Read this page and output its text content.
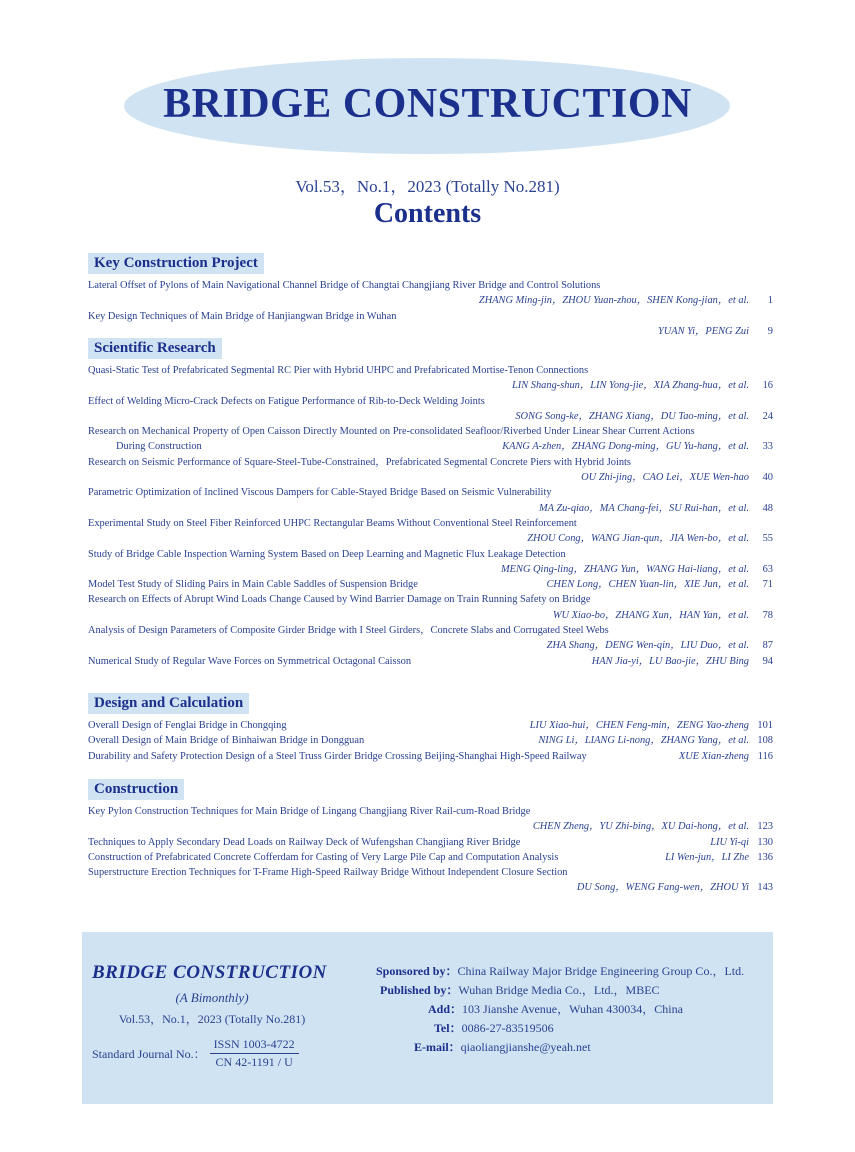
BRIDGE CONSTRUCTION
Vol.53，No.1，2023 (Totally No.281)
Contents
Key Construction Project
Lateral Offset of Pylons of Main Navigational Channel Bridge of Changtai Changjiang River Bridge and Control Solutions
ZHANG Ming-jin，ZHOU Yuan-zhou，SHEN Kong-jian，et al. 1
Key Design Techniques of Main Bridge of Hanjiangwan Bridge in Wuhan
YUAN Yi，PENG Zui 9
Scientific Research
Quasi-Static Test of Prefabricated Segmental RC Pier with Hybrid UHPC and Prefabricated Mortise-Tenon Connections
LIN Shang-shun，LIN Yong-jie，XIA Zhang-hua，et al. 16
Effect of Welding Micro-Crack Defects on Fatigue Performance of Rib-to-Deck Welding Joints
SONG Song-ke，ZHANG Xiang，DU Tao-ming，et al. 24
Research on Mechanical Property of Open Caisson Directly Mounted on Pre-consolidated Seafloor/Riverbed Under Linear Shear Current Actions
During Construction	KANG A-zhen，ZHANG Dong-ming，GU Yu-hang，et al. 33
Research on Seismic Performance of Square-Steel-Tube-Constrained，Prefabricated Segmental Concrete Piers with Hybrid Joints
OU Zhi-jing，CAO Lei，XUE Wen-hao 40
Parametric Optimization of Inclined Viscous Dampers for Cable-Stayed Bridge Based on Seismic Vulnerability
MA Zu-qiao，MA Chang-fei，SU Rui-han，et al. 48
Experimental Study on Steel Fiber Reinforced UHPC Rectangular Beams Without Conventional Steel Reinforcement
ZHOU Cong，WANG Jian-qun，JIA Wen-bo，et al. 55
Study of Bridge Cable Inspection Warning System Based on Deep Learning and Magnetic Flux Leakage Detection
MENG Qing-ling，ZHANG Yun，WANG Hai-liang，et al. 63
Model Test Study of Sliding Pairs in Main Cable Saddles of Suspension Bridge	CHEN Long，CHEN Yuan-lin，XIE Jun，et al. 71
Research on Effects of Abrupt Wind Loads Change Caused by Wind Barrier Damage on Train Running Safety on Bridge
WU Xiao-bo，ZHANG Xun，HAN Yan，et al. 78
Analysis of Design Parameters of Composite Girder Bridge with I Steel Girders，Concrete Slabs and Corrugated Steel Webs
ZHA Shang，DENG Wen-qin，LIU Duo，et al. 87
Numerical Study of Regular Wave Forces on Symmetrical Octagonal Caisson	HAN Jia-yi，LU Bao-jie，ZHU Bing 94
Design and Calculation
Overall Design of Fenglai Bridge in Chongqing	LIU Xiao-hui，CHEN Feng-min，ZENG Yao-zheng 101
Overall Design of Main Bridge of Binhaiwan Bridge in Dongguan	NING Li，LIANG Li-nong，ZHANG Yang，et al. 108
Durability and Safety Protection Design of a Steel Truss Girder Bridge Crossing Beijing-Shanghai High-Speed Railway	XUE Xian-zheng 116
Construction
Key Pylon Construction Techniques for Main Bridge of Lingang Changjiang River Rail-cum-Road Bridge
CHEN Zheng，YU Zhi-bing，XU Dai-hong，et al. 123
Techniques to Apply Secondary Dead Loads on Railway Deck of Wufengshan Changjiang River Bridge	LIU Yi-qi 130
Construction of Prefabricated Concrete Cofferdam for Casting of Very Large Pile Cap and Computation Analysis	LI Wen-jun，LI Zhe 136
Superstructure Erection Techniques for T-Frame High-Speed Railway Bridge Without Independent Closure Section
DU Song，WENG Fang-wen，ZHOU Yi 143
BRIDGE CONSTRUCTION
(A Bimonthly)
Vol.53，No.1，2023 (Totally No.281)
Standard Journal No.： $\frac{\text{ISSN 1003-4722}}{CN 42-1191 / U}$
Sponsored by：China Railway Major Bridge Engineering Group Co.，Ltd.
Published by：Wuhan Bridge Media Co.，Ltd.，MBEC
Add：103 Jianshe Avenue，Wuhan 430034，China
Tel：0086-27-83519506
E-mail：qiaoliangjianshe@yeah.net
